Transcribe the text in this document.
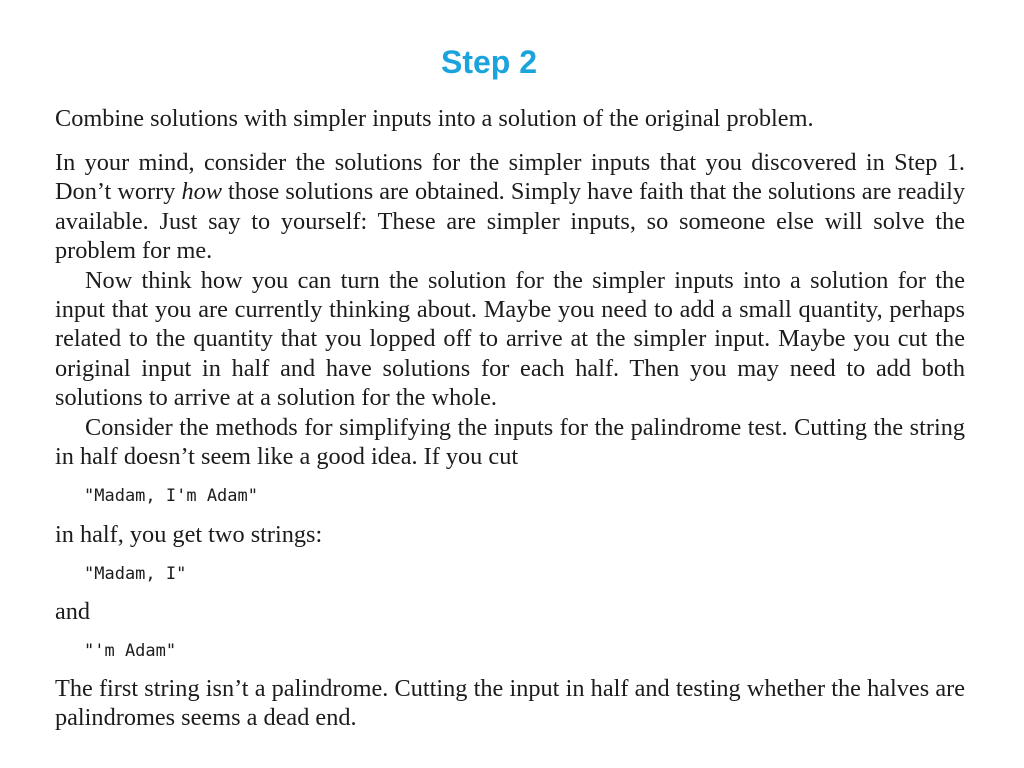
Step 2

Combine solutions with simpler inputs into a solution of the original problem.

In your mind, consider the solutions for the simpler inputs that you discovered in Step 1. Don’t worry how those solutions are obtained. Simply have faith that the solutions are readily available. Just say to yourself: These are simpler inputs, so someone else will solve the problem for me.

Now think how you can turn the solution for the simpler inputs into a solution for the input that you are currently thinking about. Maybe you need to add a small quantity, perhaps related to the quantity that you lopped off to arrive at the simpler input. Maybe you cut the original input in half and have solutions for each half. Then you may need to add both solutions to arrive at a solution for the whole.

Consider the methods for simplifying the inputs for the palindrome test. Cutting the string in half doesn’t seem like a good idea. If you cut

"Madam, I'm Adam"

in half, you get two strings:

"Madam, I"

and

"'m Adam"

The first string isn’t a palindrome. Cutting the input in half and testing whether the halves are palindromes seems a dead end.
